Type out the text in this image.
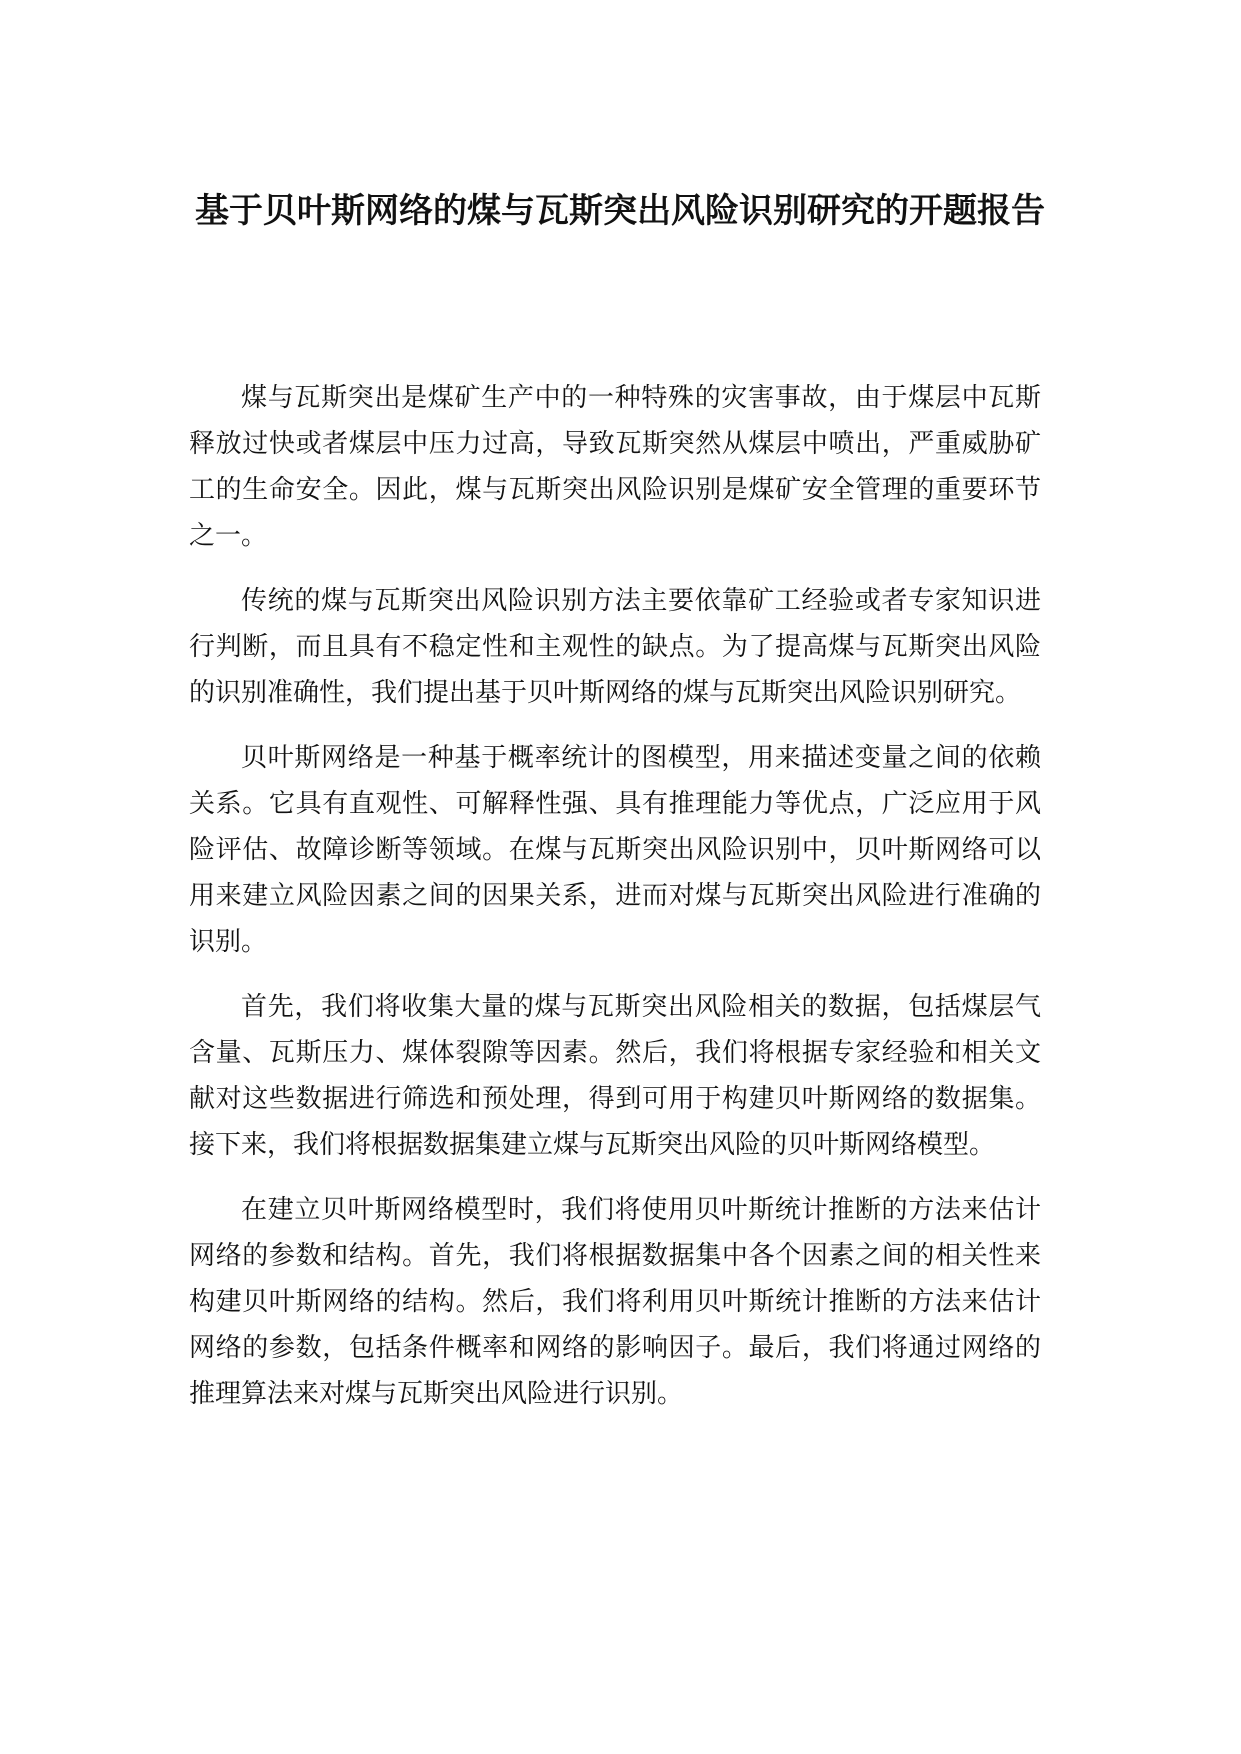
基于贝叶斯网络的煤与瓦斯突出风险识别研究的开题报告

煤与瓦斯突出是煤矿生产中的一种特殊的灾害事故，由于煤层中瓦斯释放过快或者煤层中压力过高，导致瓦斯突然从煤层中喷出，严重威胁矿工的生命安全。因此，煤与瓦斯突出风险识别是煤矿安全管理的重要环节之一。

传统的煤与瓦斯突出风险识别方法主要依靠矿工经验或者专家知识进行判断，而且具有不稳定性和主观性的缺点。为了提高煤与瓦斯突出风险的识别准确性，我们提出基于贝叶斯网络的煤与瓦斯突出风险识别研究。

贝叶斯网络是一种基于概率统计的图模型，用来描述变量之间的依赖关系。它具有直观性、可解释性强、具有推理能力等优点，广泛应用于风险评估、故障诊断等领域。在煤与瓦斯突出风险识别中，贝叶斯网络可以用来建立风险因素之间的因果关系，进而对煤与瓦斯突出风险进行准确的识别。

首先，我们将收集大量的煤与瓦斯突出风险相关的数据，包括煤层气含量、瓦斯压力、煤体裂隙等因素。然后，我们将根据专家经验和相关文献对这些数据进行筛选和预处理，得到可用于构建贝叶斯网络的数据集。接下来，我们将根据数据集建立煤与瓦斯突出风险的贝叶斯网络模型。

在建立贝叶斯网络模型时，我们将使用贝叶斯统计推断的方法来估计网络的参数和结构。首先，我们将根据数据集中各个因素之间的相关性来构建贝叶斯网络的结构。然后，我们将利用贝叶斯统计推断的方法来估计网络的参数，包括条件概率和网络的影响因子。最后，我们将通过网络的推理算法来对煤与瓦斯突出风险进行识别。
